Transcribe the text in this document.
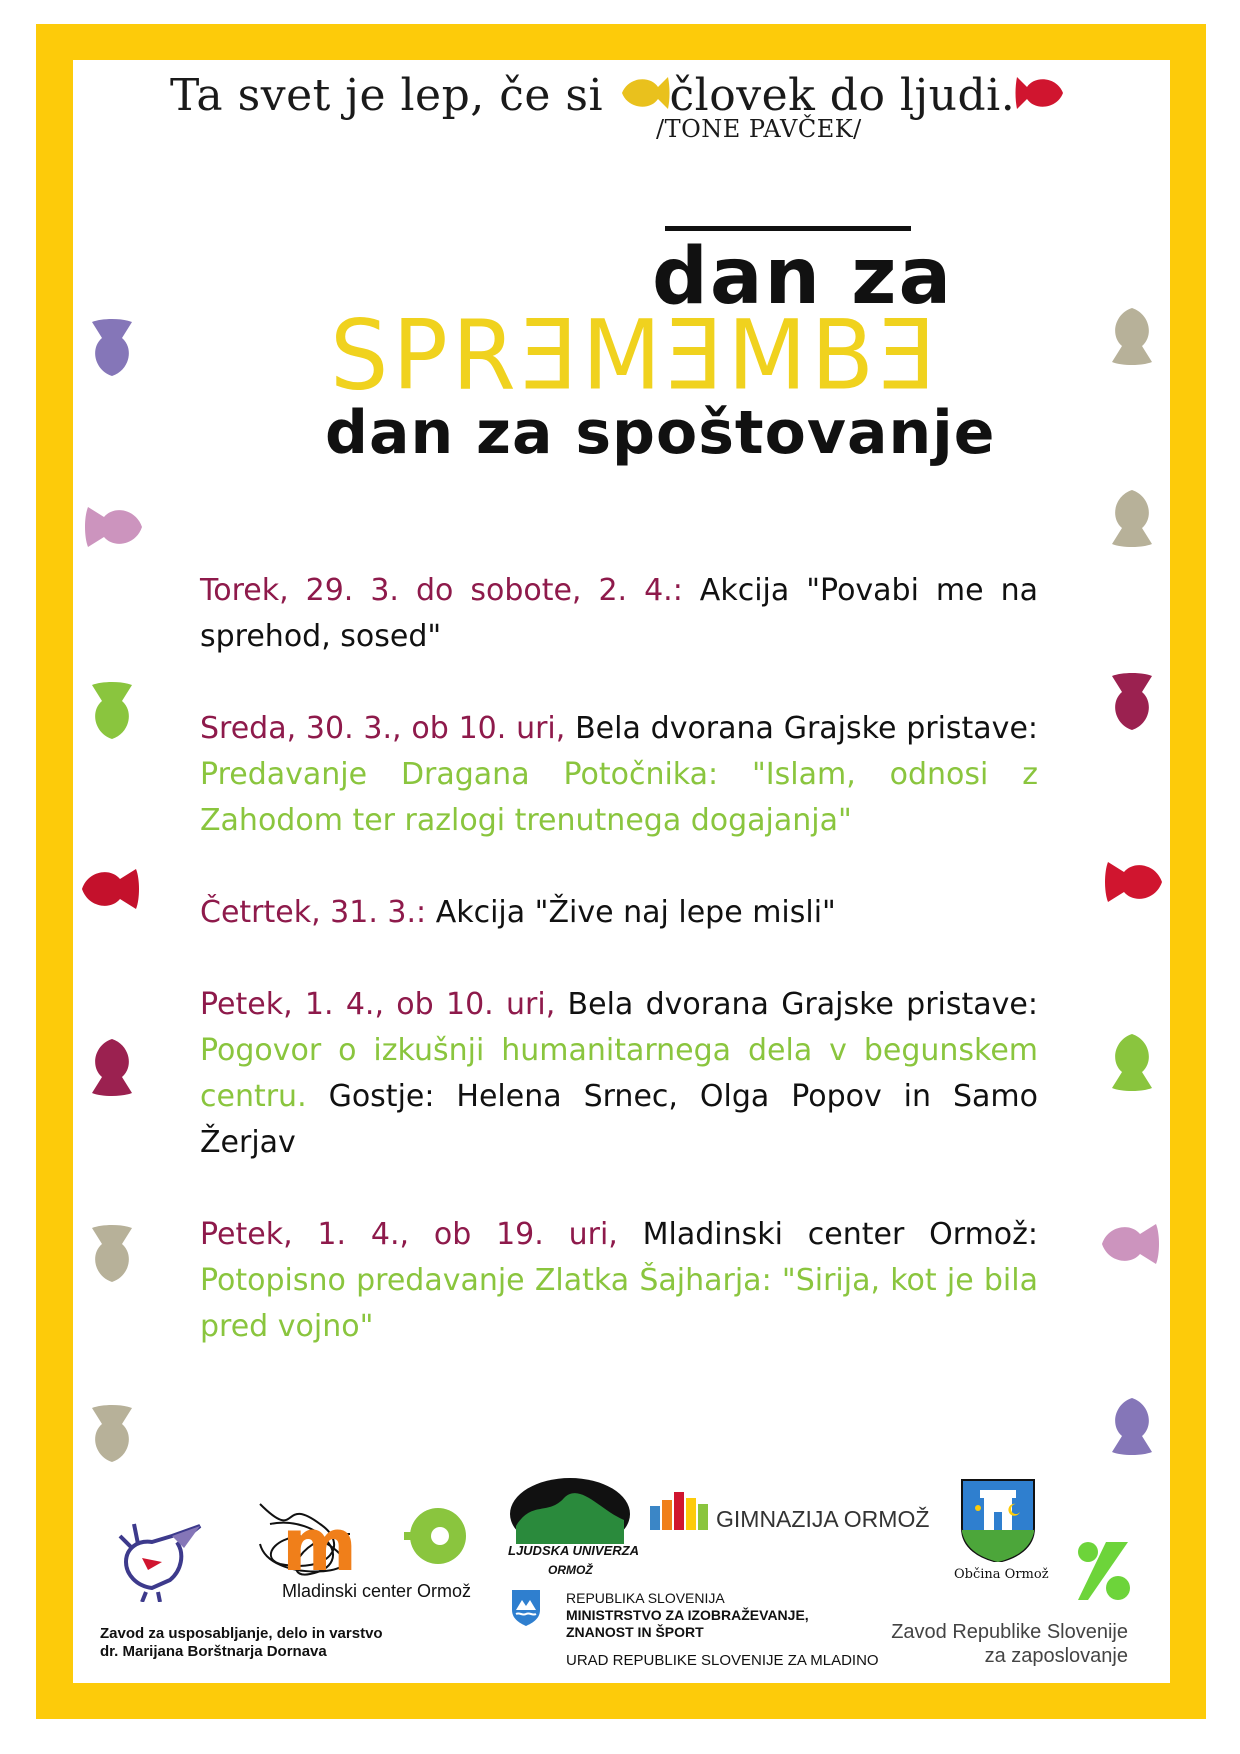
Ta svet je lep, če si človek do ljudi.
/TONE PAVČEK/
dan za
SPRƎMƎMBƎ
dan za spoštovanje

Torek, 29. 3. do sobote, 2. 4.: Akcija "Povabi me na sprehod, sosed"

Sreda, 30. 3., ob 10. uri, Bela dvorana Grajske pristave: Predavanje Dragana Potočnika: "Islam, odnosi z Zahodom ter razlogi trenutnega dogajanja"

Četrtek, 31. 3.: Akcija "Žive naj lepe misli"

Petek, 1. 4., ob 10. uri, Bela dvorana Grajske pristave: Pogovor o izkušnji humanitarnega dela v begunskem centru. Gostje: Helena Srnec, Olga Popov in Samo Žerjav

Petek, 1. 4., ob 19. uri, Mladinski center Ormož: Potopisno predavanje Zlatka Šajharja: "Sirija, kot je bila pred vojno"

Zavod za usposabljanje, delo in varstvo
dr. Marijana Borštnarja Dornava
m
Mladinski center Ormož
LJUDSKA UNIVERZA
ORMOŽ
GIMNAZIJA ORMOŽ
Občina Ormož
Zavod Republike Slovenije
za zaposlovanje
REPUBLIKA SLOVENIJA
MINISTRSTVO ZA IZOBRAŽEVANJE,
ZNANOST IN ŠPORT
URAD REPUBLIKE SLOVENIJE ZA MLADINO
